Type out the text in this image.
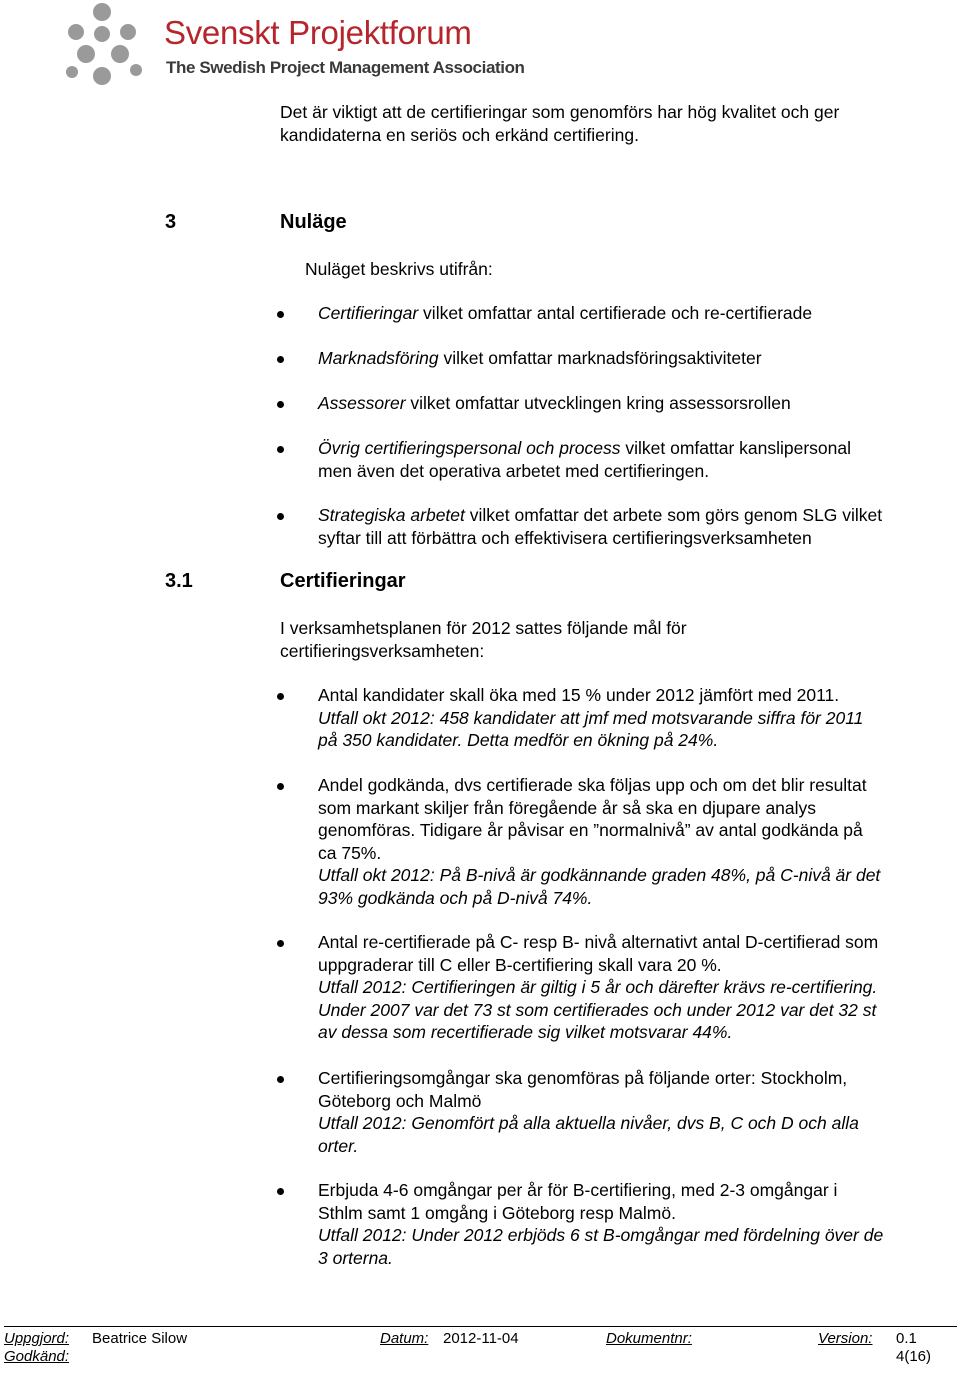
Svenskt Projektforum
The Swedish Project Management Association
Det är viktigt att de certifieringar som genomförs har hög kvalitet och ger
kandidaterna en seriös och erkänd certifiering.
3	Nuläge
Nuläget beskrivs utifrån:
Certifieringar vilket omfattar antal certifierade och re-certifierade
Marknadsföring vilket omfattar marknadsföringsaktiviteter
Assessorer vilket omfattar utvecklingen kring assessorsrollen
Övrig certifieringspersonal och process vilket omfattar kanslipersonal
men även det operativa arbetet med certifieringen.
Strategiska arbetet vilket omfattar det arbete som görs genom SLG vilket
syftar till att förbättra och effektivisera certifieringsverksamheten
3.1	Certifieringar
I verksamhetsplanen för 2012 sattes följande mål för
certifieringsverksamheten:
Antal kandidater skall öka med 15 % under 2012 jämfört med 2011.
Utfall okt 2012: 458 kandidater att jmf med motsvarande siffra för 2011
på 350 kandidater. Detta medför en ökning på 24%.
Andel godkända, dvs certifierade ska följas upp och om det blir resultat
som markant skiljer från föregående år så ska en djupare analys
genomföras. Tidigare år påvisar en ”normalnivå” av antal godkända på
ca 75%.
Utfall okt 2012: På B-nivå är godkännande graden 48%, på C-nivå är det
93% godkända och på D-nivå 74%.
Antal re-certifierade på C- resp B- nivå alternativt antal D-certifierad som
uppgraderar till C eller B-certifiering skall vara 20 %.
Utfall 2012: Certifieringen är giltig i 5 år och därefter krävs re-certifiering.
Under 2007 var det 73 st som certifierades och under 2012 var det 32 st
av dessa som recertifierade sig vilket motsvarar 44%.
Certifieringsomgångar ska genomföras på följande orter: Stockholm,
Göteborg och Malmö
Utfall 2012: Genomfört på alla aktuella nivåer, dvs B, C och D och alla
orter.
Erbjuda 4-6 omgångar per år för B-certifiering, med 2-3 omgångar i
Sthlm samt 1 omgång i Göteborg resp Malmö.
Utfall 2012: Under 2012 erbjöds 6 st B-omgångar med fördelning över de
3 orterna.
Uppgjord: Beatrice Silow	Datum: 2012-11-04	Dokumentnr:	Version: 0.1
Godkänd:	4(16)
